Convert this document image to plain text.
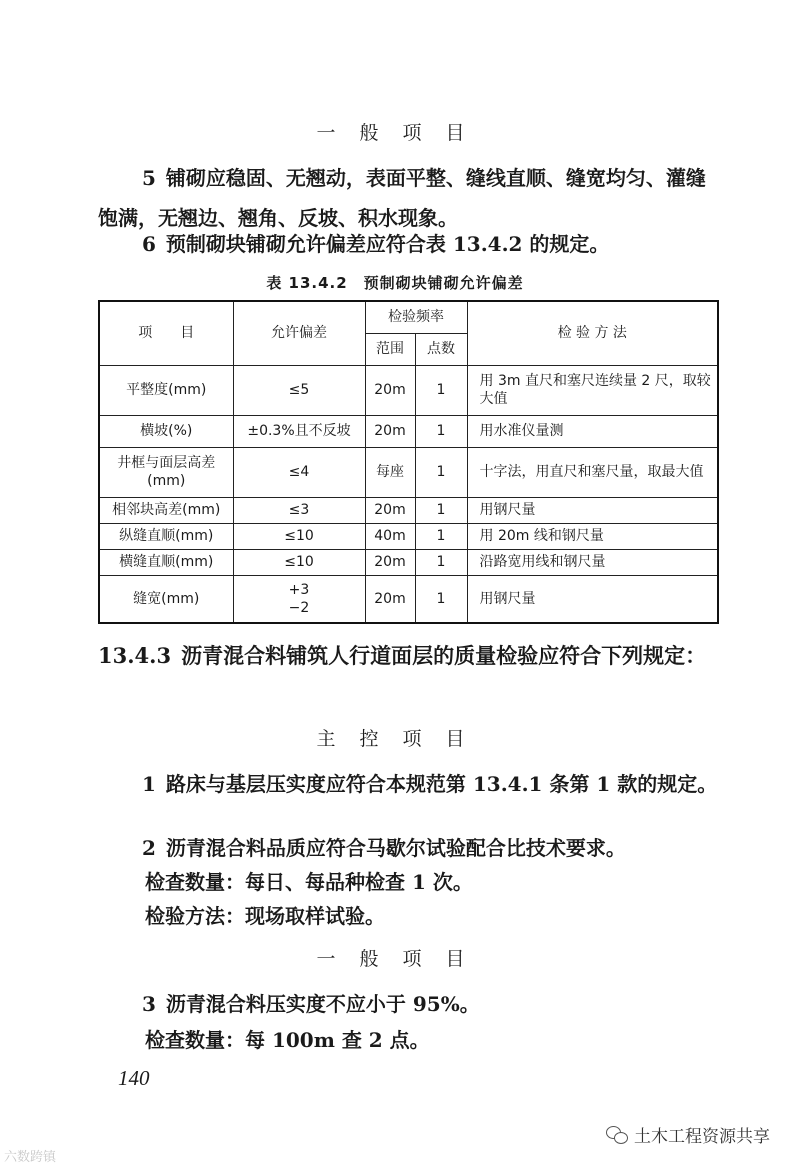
一 般 项 目
5 铺砌应稳固、无翘动，表面平整、缝线直顺、缝宽均匀、灌缝饱满，无翘边、翘角、反坡、积水现象。
6 预制砌块铺砌允许偏差应符合表 13.4.2 的规定。
表 13.4.2　预制砌块铺砌允许偏差
项　　目	允许偏差	检验频率		检 验 方 法
		范围	点数	
平整度(mm)	≤5	20m	1	用 3m 直尺和塞尺连续量 2 尺，取较大值
横坡(%)	±0.3%且不反坡	20m	1	用水准仪量测
井框与面层高差(mm)	≤4	每座	1	十字法，用直尺和塞尺量，取最大值
相邻块高差(mm)	≤3	20m	1	用钢尺量
纵缝直顺(mm)	≤10	40m	1	用 20m 线和钢尺量
横缝直顺(mm)	≤10	20m	1	沿路宽用线和钢尺量
缝宽(mm)	+3
−2	20m	1	用钢尺量
13.4.3 沥青混合料铺筑人行道面层的质量检验应符合下列规定：
主 控 项 目
1 路床与基层压实度应符合本规范第 13.4.1 条第 1 款的规定。
2 沥青混合料品质应符合马歇尔试验配合比技术要求。
检查数量：每日、每品种检查 1 次。
检验方法：现场取样试验。
一 般 项 目
3 沥青混合料压实度不应小于 95%。
检查数量：每 100m 查 2 点。
140
六数跨镇
土木工程资源共享
